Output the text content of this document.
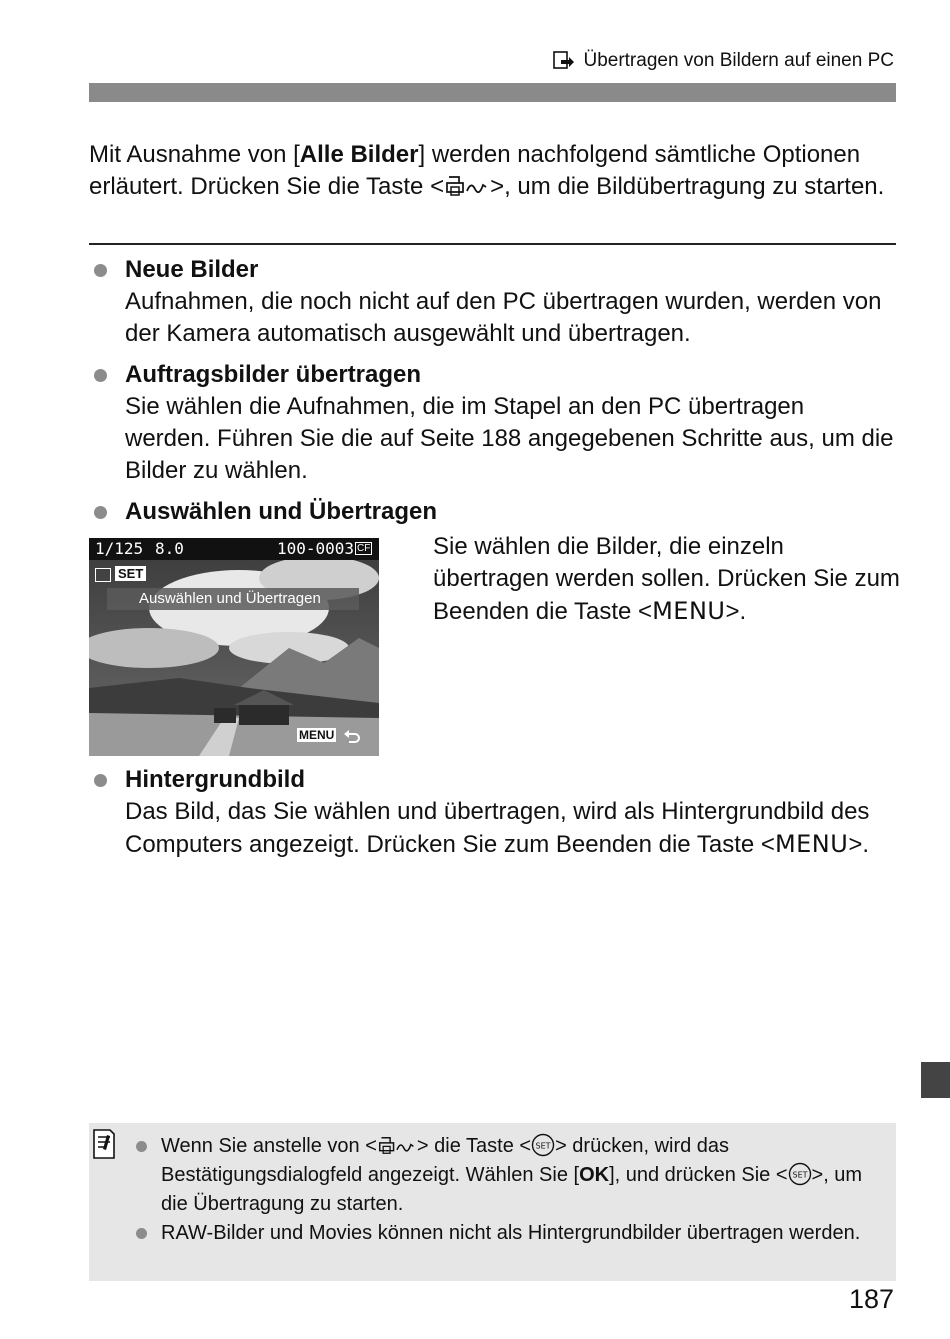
Übertragen von Bildern auf einen PC
Mit Ausnahme von [Alle Bilder] werden nachfolgend sämtliche Optionen erläutert. Drücken Sie die Taste < >, um die Bildübertragung zu starten.
Neue Bilder
Aufnahmen, die noch nicht auf den PC übertragen wurden, werden von der Kamera automatisch ausgewählt und übertragen.
Auftragsbilder übertragen
Sie wählen die Aufnahmen, die im Stapel an den PC übertragen werden. Führen Sie die auf Seite 188 angegebenen Schritte aus, um die Bilder zu wählen.
Auswählen und Übertragen
1/125 8.0	100-0003 CF
SET
Auswählen und Übertragen
MENU
Sie wählen die Bilder, die einzeln übertragen werden sollen. Drücken Sie zum Beenden die Taste <MENU>.
Hintergrundbild
Das Bild, das Sie wählen und übertragen, wird als Hintergrundbild des Computers angezeigt. Drücken Sie zum Beenden die Taste <MENU>.
Wenn Sie anstelle von < > die Taste < SET > drücken, wird das Bestätigungsdialogfeld angezeigt. Wählen Sie [OK], und drücken Sie < SET >, um die Übertragung zu starten.
RAW-Bilder und Movies können nicht als Hintergrundbilder übertragen werden.
187
